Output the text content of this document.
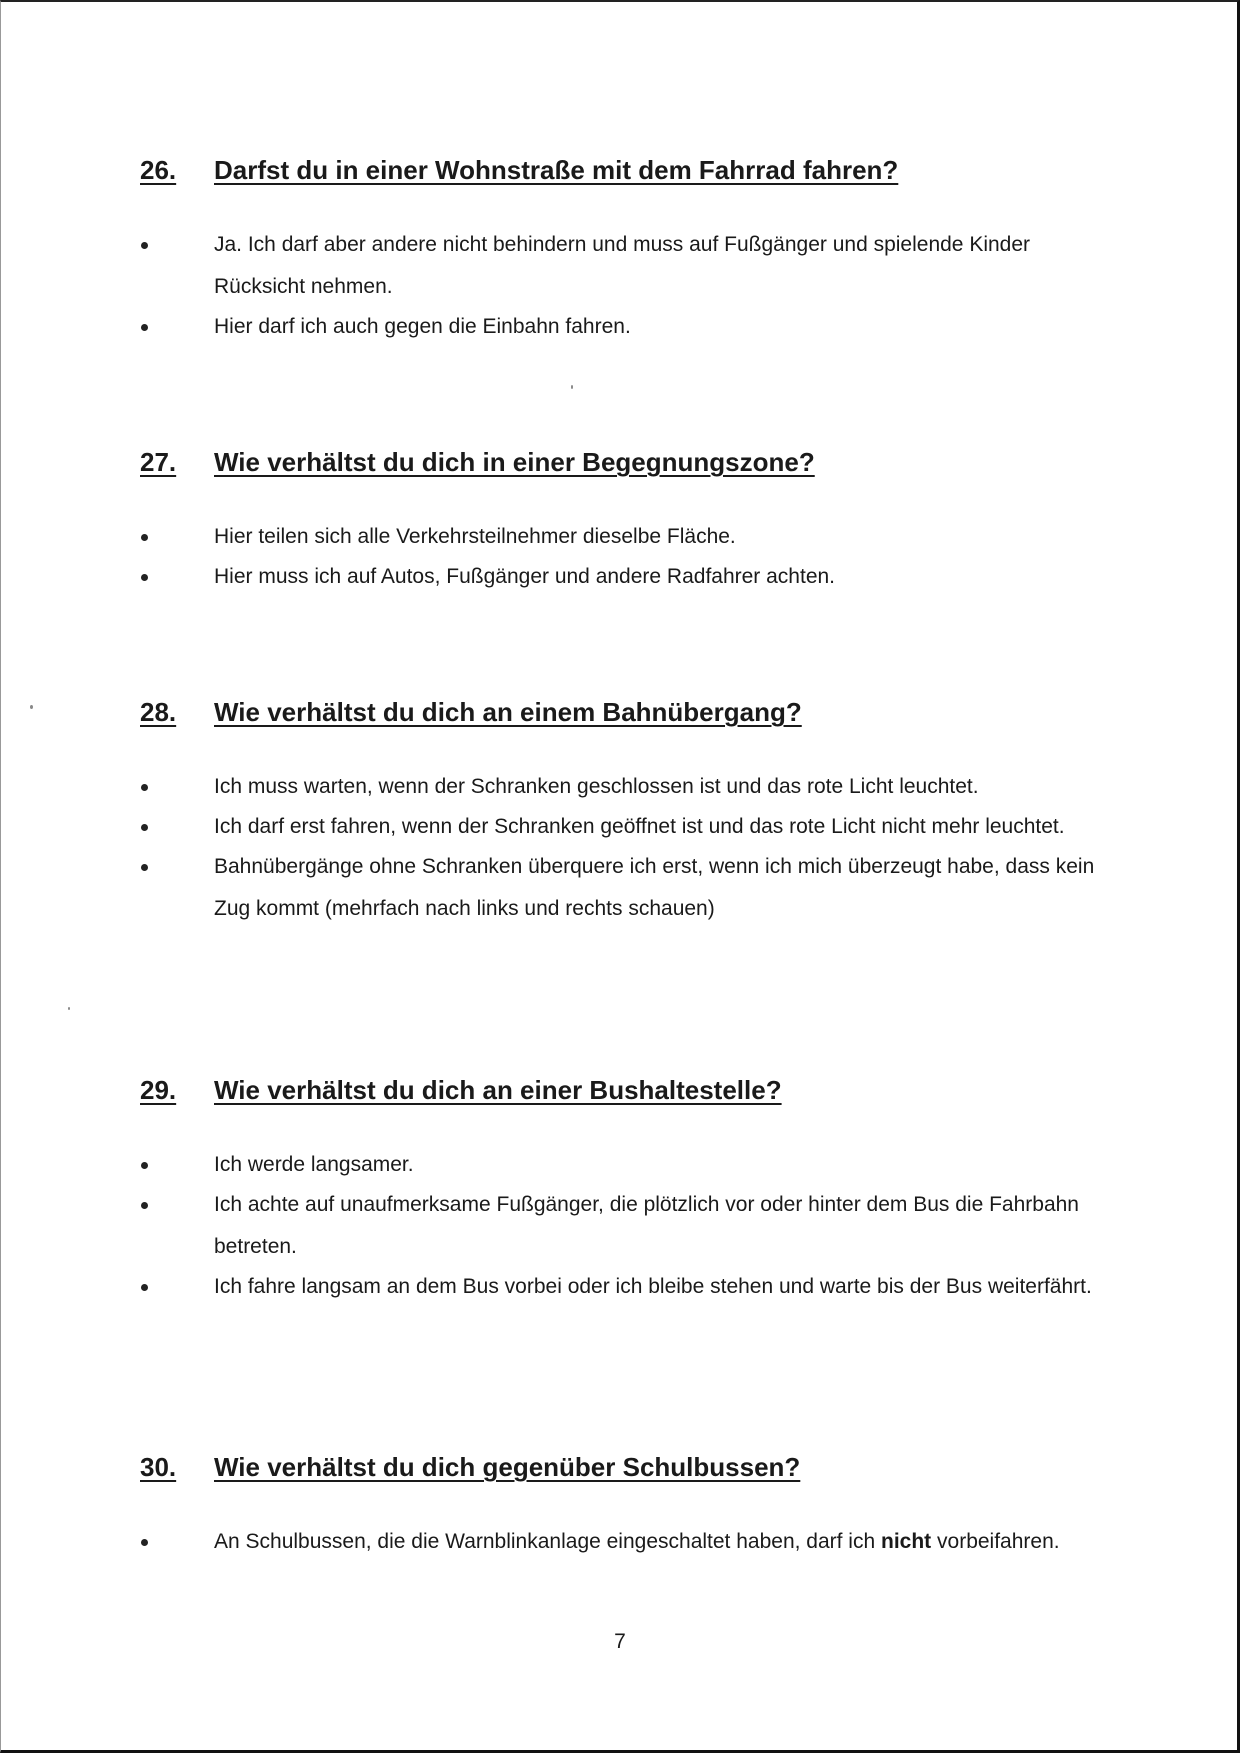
26.	Darfst du in einer Wohnstraße mit dem Fahrrad fahren?
Ja. Ich darf aber andere nicht behindern und muss auf Fußgänger und spielende Kinder Rücksicht nehmen.
Hier darf ich auch gegen die Einbahn fahren.
27.	Wie verhältst du dich in einer Begegnungszone?
Hier teilen sich alle Verkehrsteilnehmer dieselbe Fläche.
Hier muss ich auf Autos, Fußgänger und andere Radfahrer achten.
28.	Wie verhältst du dich an einem Bahnübergang?
Ich muss warten, wenn der Schranken geschlossen ist und das rote Licht leuchtet.
Ich darf erst fahren, wenn der Schranken geöffnet ist und das rote Licht nicht mehr leuchtet.
Bahnübergänge ohne Schranken überquere ich erst, wenn ich mich überzeugt habe, dass kein Zug kommt (mehrfach nach links und rechts schauen)
29.	Wie verhältst du dich an einer Bushaltestelle?
Ich werde langsamer.
Ich achte auf unaufmerksame Fußgänger, die plötzlich vor oder hinter dem Bus die Fahrbahn betreten.
Ich fahre langsam an dem Bus vorbei oder ich bleibe stehen und warte bis der Bus weiterfährt.
30.	Wie verhältst du dich gegenüber Schulbussen?
An Schulbussen, die die Warnblinkanlage eingeschaltet haben, darf ich nicht vorbeifahren.
7
